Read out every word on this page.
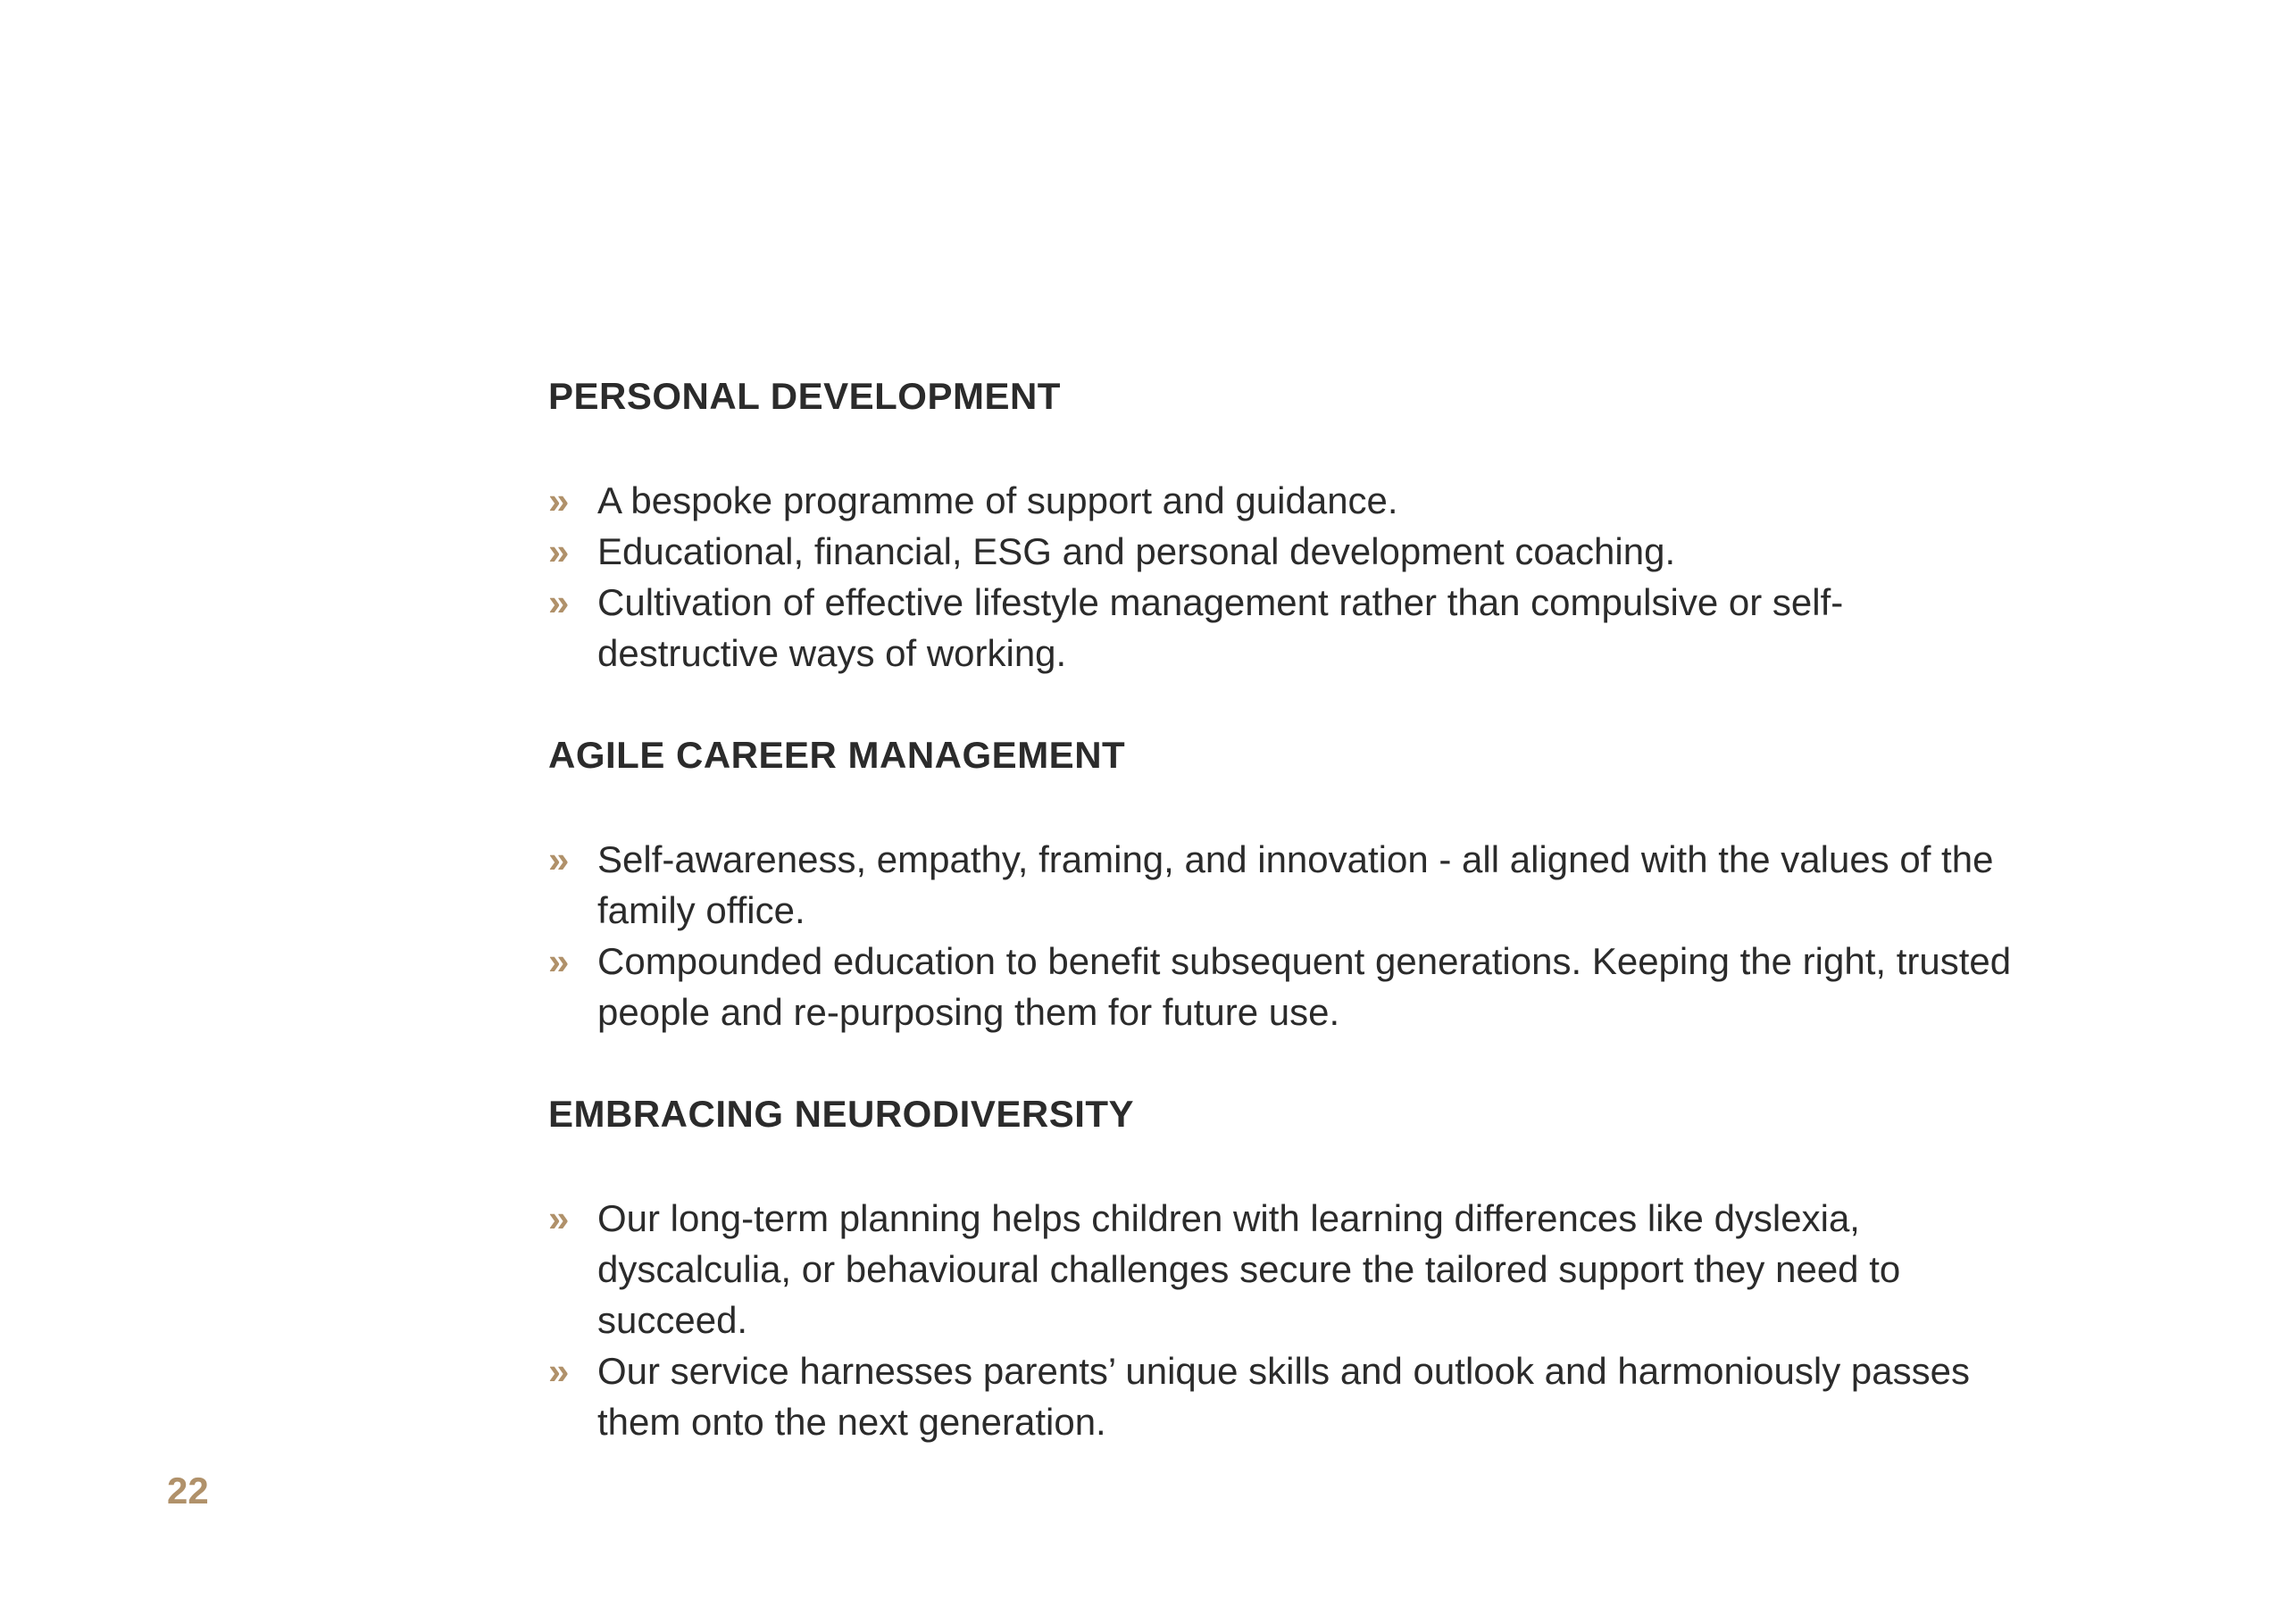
PERSONAL DEVELOPMENT
» A bespoke programme of support and guidance.
» Educational, financial, ESG and personal development coaching.
» Cultivation of effective lifestyle management rather than compulsive or self-destructive ways of working.
AGILE CAREER MANAGEMENT
» Self-awareness, empathy, framing, and innovation - all aligned with the values of the family office.
» Compounded education to benefit subsequent generations. Keeping the right, trusted people and re-purposing them for future use.
EMBRACING NEURODIVERSITY
» Our long-term planning helps children with learning differences like dyslexia, dyscalculia, or behavioural challenges secure the tailored support they need to succeed.
» Our service harnesses parents’ unique skills and outlook and harmoniously passes them onto the next generation.
22
